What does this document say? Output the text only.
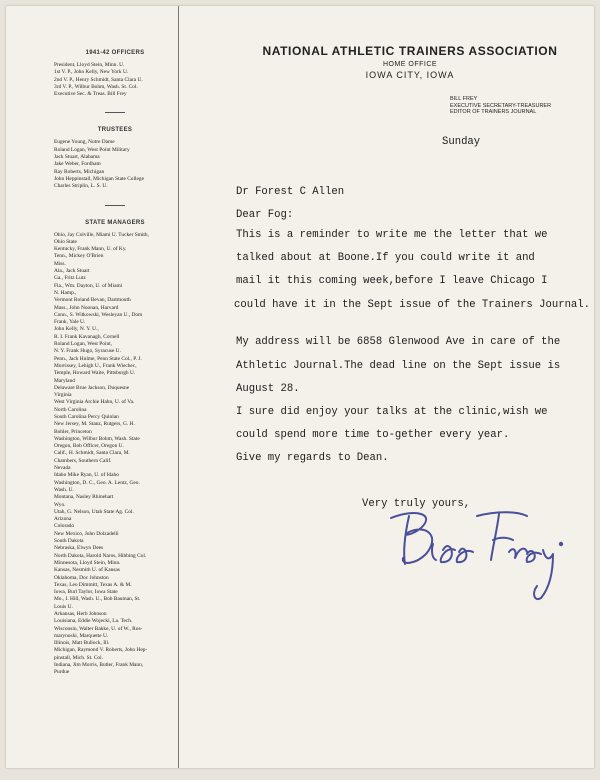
1941-42 OFFICERS
President, Lloyd Stein, Minn. U.
1st V. P., John Kelly, New York U.
2nd V. P., Henry Schmidt, Santa Clara U.
3rd V. P., Wilbur Bohm, Wash. St. Col.
Executive Sec. & Treas. Bill Frey
TRUSTEES
Eugene Young, Notre Dame
Roland Logan, West Point Military
Jack Stuart, Alabama
Jake Weber, Fordham
Ray Roberts, Michigan
John Heppinstall, Michigan State College
Charles Striplin, L. S. U.
STATE MANAGERS
Ohio, Jay Colville, Miami U. Tucker Smith,
Ohio State
Kentucky, Frank Mann, U. of Ky.
Tenn., Mickey O'Brien
Miss.
Ala., Jack Stuart
Ga., Fritz Lutz
Fla., Wm. Dayton, U. of Miami
N. Hamp.,
Vermont Roland Bevan, Dartmouth
Mass., John Noonan, Harvard
Conn., S. Witkowski, Wesleyan U., Dom
Frank, Yale U.
John Kelly, N. Y. U.,
R. I. Frank Kavanagh, Cornell
Roland Logan, West Point,
N. Y. Frank Hugo, Syracuse U.
Penn., Jack Hulme, Penn State Col., P. J.
Morrissey, Lehigh U., Frank Wiechec,
Temple, Howard Waite, Pittsburgh U.
Maryland
Delaware Brue Jackson, Duquesne
Virginia
West Virginia Archie Hahn, U. of Va.
North Carolina
South Carolina Percy Quinlan
New Jersey, M. Stanz, Rutgers, G. H.
Bohler, Princeton
Washington, Wilbur Bohm, Wash. State
Oregon, Bob Officer, Oregon U.
Calif., H. Schmidt, Santa Clara, M.
Chambers, Southern Calif.
Nevada
Idaho Mike Ryan, U. of Idaho
Washington, D. C., Geo. A. Lentz, Geo.
Wash. U.
Montana, Nasley Rhinehart
Wyo.
Utah, G. Nelson, Utah State Ag. Col.
Arizona
Colorado
New Mexico, John Dolzadelli
South Dakota
Nebraska, Elwyn Dees
North Dakota, Harold Naros, Hibbing Col.
Minnesota, Lloyd Stein, Minn.
Kansas, Nesmith U. of Kansas
Oklahoma, Doc Johnston
Texas, Leo Dimmitt, Texas A. & M.
Iowa, Burl Taylor, Iowa State
Mo., I. Hill, Wash. U., Bob Bauman, St.
Louis U.
Arkansas, Herb Johnson
Louisiana, Eddie Wojecki, La. Tech.
Wisconsin, Walter Bakke, U. of W., Ros-
marynoski, Marquette U.
Illinois, Matt Bullock, Ill.
Michigan, Raymond V. Roberts, John Hep-
pinstall, Mich. St. Col.
Indiana, Jim Morris, Butler, Frank Mann,
Purdue
NATIONAL ATHLETIC TRAINERS ASSOCIATION
HOME OFFICE
IOWA CITY, IOWA
BILL FREY
EXECUTIVE SECRETARY-TREASURER
EDITOR OF TRAINERS JOURNAL
Sunday
Dr Forest C Allen
Dear Fog:
This is a reminder to write me the letter that we
talked about at Boone.If you could write it and
mail it this coming week,before I leave Chicago I
could have it in the Sept issue of the Trainers Journal.
My address will be 6858 Glenwood Ave in care of the
Athletic Journal.The dead line on the Sept issue is
August 28.
I sure did enjoy your talks at the clinic,wish we
could spend more time to-gether every year.
Give my regards to Dean.
Very truly yours,
